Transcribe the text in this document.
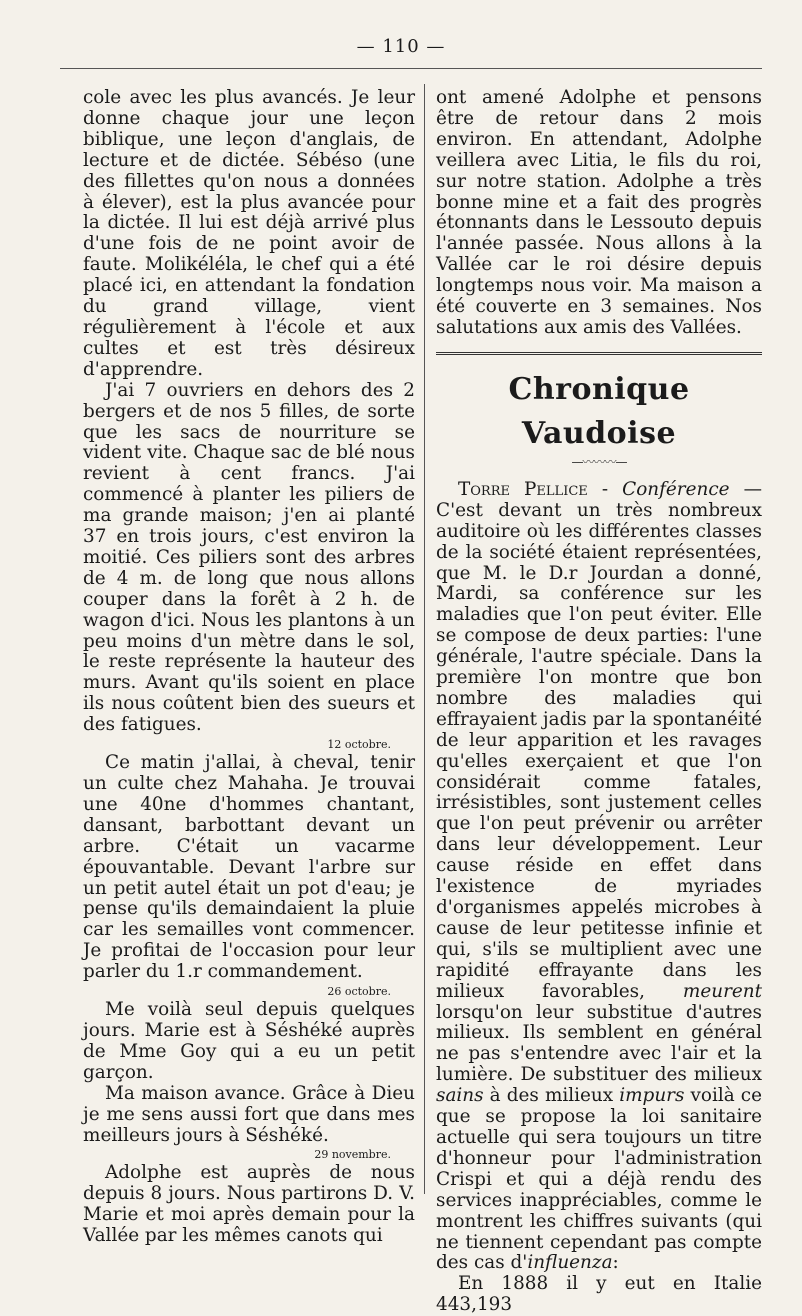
— 110 —

cole avec les plus avancés. Je leur donne chaque jour une leçon biblique, une leçon d'anglais, de lecture et de dictée. Sébéso (une des fillettes qu'on nous a données à élever), est la plus avancée pour la dictée. Il lui est déjà arrivé plus d'une fois de ne point avoir de faute. Molikéléla, le chef qui a été placé ici, en attendant la fondation du grand village, vient régulièrement à l'école et aux cultes et est très désireux d'apprendre.

J'ai 7 ouvriers en dehors des 2 bergers et de nos 5 filles, de sorte que les sacs de nourriture se vident vite. Chaque sac de blé nous revient à cent francs. J'ai commencé à planter les piliers de ma grande maison; j'en ai planté 37 en trois jours, c'est environ la moitié. Ces piliers sont des arbres de 4 m. de long que nous allons couper dans la forêt à 2 h. de wagon d'ici. Nous les plantons à un peu moins d'un mètre dans le sol, le reste représente la hauteur des murs. Avant qu'ils soient en place ils nous coûtent bien des sueurs et des fatigues.

12 octobre.

Ce matin j'allai, à cheval, tenir un culte chez Mahaha. Je trouvai une 40ne d'hommes chantant, dansant, barbottant devant un arbre. C'était un vacarme épouvantable. Devant l'arbre sur un petit autel était un pot d'eau; je pense qu'ils demaindaient la pluie car les semailles vont commencer. Je profitai de l'occasion pour leur parler du 1.r commandement.

26 octobre.

Me voilà seul depuis quelques jours. Marie est à Séshéké auprès de Mme Goy qui a eu un petit garçon.

Ma maison avance. Grâce à Dieu je me sens aussi fort que dans mes meilleurs jours à Séshéké.

29 novembre.

Adolphe est auprès de nous depuis 8 jours. Nous partirons D. V. Marie et moi après demain pour la Vallée par les mêmes canots qui

ont amené Adolphe et pensons être de retour dans 2 mois environ. En attendant, Adolphe veillera avec Litia, le fils du roi, sur notre station. Adolphe a très bonne mine et a fait des progrès étonnants dans le Lessouto depuis l'année passée. Nous allons à la Vallée car le roi désire depuis longtemps nous voir. Ma maison a été couverte en 3 semaines. Nos salutations aux amis des Vallées.

Chronique Vaudoise
—〰〰〰—

Torre Pellice - Conférence — C'est devant un très nombreux auditoire où les différentes classes de la société étaient représentées, que M. le D.r Jourdan a donné, Mardi, sa conférence sur les maladies que l'on peut éviter. Elle se compose de deux parties: l'une générale, l'autre spéciale. Dans la première l'on montre que bon nombre des maladies qui effrayaient jadis par la spontanéité de leur apparition et les ravages qu'elles exerçaient et que l'on considérait comme fatales, irrésistibles, sont justement celles que l'on peut prévenir ou arrêter dans leur développement. Leur cause réside en effet dans l'existence de myriades d'organismes appelés microbes à cause de leur petitesse infinie et qui, s'ils se multiplient avec une rapidité effrayante dans les milieux favorables, meurent lorsqu'on leur substitue d'autres milieux. Ils semblent en général ne pas s'entendre avec l'air et la lumière. De substituer des milieux sains à des milieux impurs voilà ce que se propose la loi sanitaire actuelle qui sera toujours un titre d'honneur pour l'administration Crispi et qui a déjà rendu des services inappréciables, comme le montrent les chiffres suivants (qui ne tiennent cependant pas compte des cas d'influenza:

En 1888 il y eut en Italie 443,193
